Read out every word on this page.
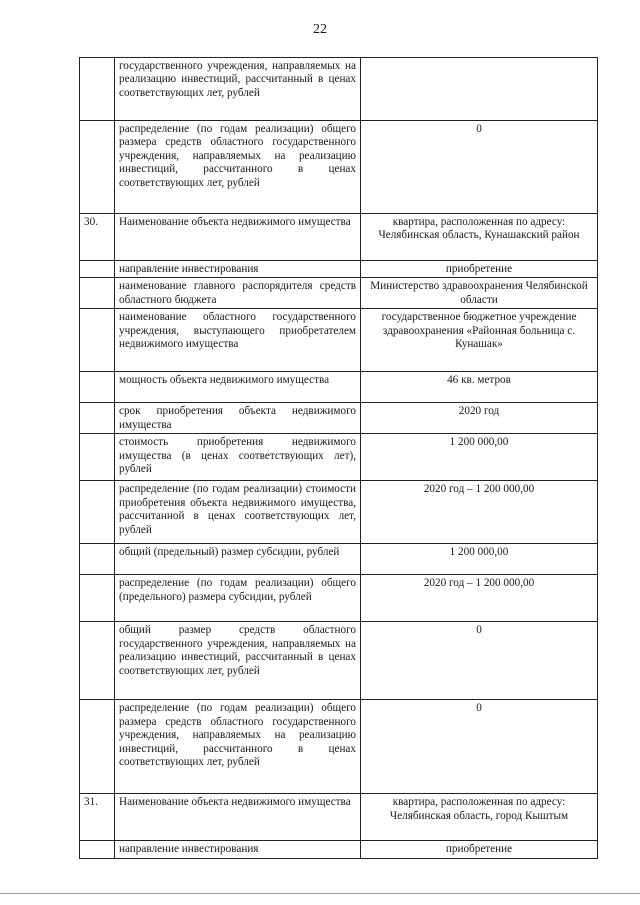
22
	государственного учреждения, направляемых на реализацию инвестиций, рассчитанный в ценах соответствующих лет, рублей	
	распределение (по годам реализации) общего размера средств областного государственного учреждения, направляемых на реализацию инвестиций, рассчитанного в ценах соответствующих лет, рублей	0
30.	Наименование объекта недвижимого имущества	квартира, расположенная по адресу: Челябинская область, Кунашакский район
	направление инвестирования	приобретение
	наименование главного распорядителя средств областного бюджета	Министерство здравоохранения Челябинской области
	наименование областного государственного учреждения, выступающего приобретателем недвижимого имущества	государственное бюджетное учреждение здравоохранения «Районная больница с. Кунашак»
	мощность объекта недвижимого имущества	46 кв. метров
	срок приобретения объекта недвижимого имущества	2020 год
	стоимость приобретения недвижимого имущества (в ценах соответствующих лет), рублей	1 200 000,00
	распределение (по годам реализации) стоимости приобретения объекта недвижимого имущества, рассчитанной в ценах соответствующих лет, рублей	2020 год – 1 200 000,00
	общий (предельный) размер субсидии, рублей	1 200 000,00
	распределение (по годам реализации) общего (предельного) размера субсидии, рублей	2020 год – 1 200 000,00
	общий размер средств областного государственного учреждения, направляемых на реализацию инвестиций, рассчитанный в ценах соответствующих лет, рублей	0
	распределение (по годам реализации) общего размера средств областного государственного учреждения, направляемых на реализацию инвестиций, рассчитанного в ценах соответствующих лет, рублей	0
31.	Наименование объекта недвижимого имущества	квартира, расположенная по адресу: Челябинская область, город Кыштым
	направление инвестирования	приобретение
